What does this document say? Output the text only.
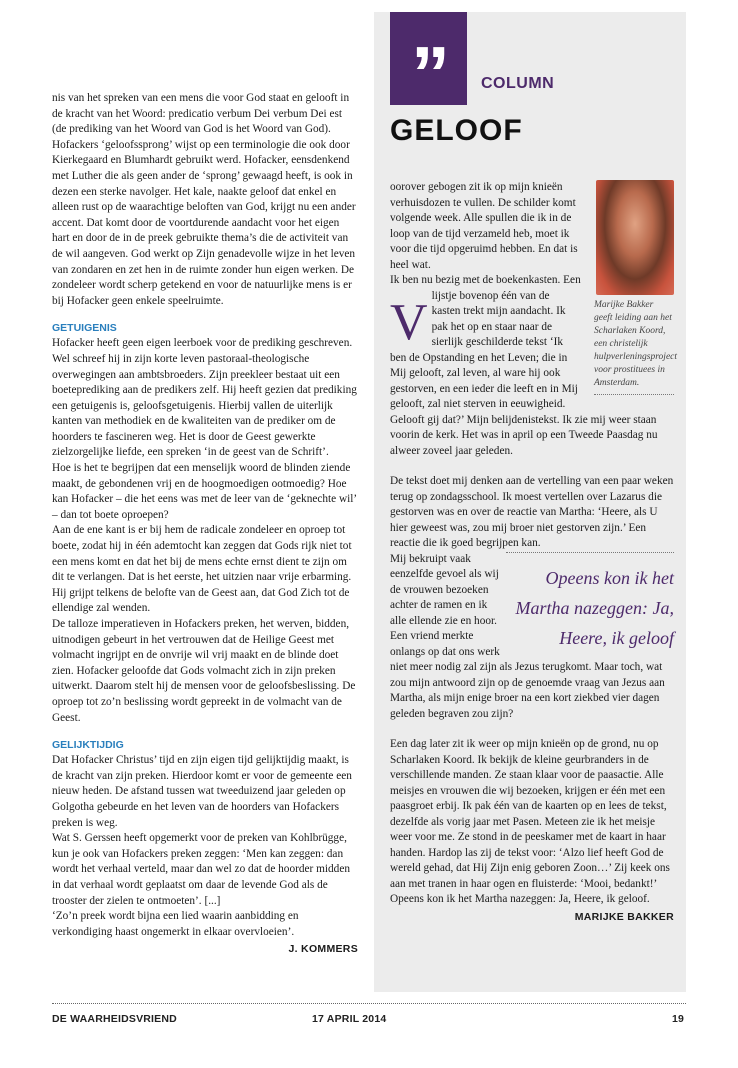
nis van het spreken van een mens die voor God staat en gelooft in de kracht van het Woord: predicatio verbum Dei verbum Dei est (de prediking van het Woord van God is het Woord van God).

Hofackers ‘geloofssprong’ wijst op een terminologie die ook door Kierkegaard en Blumhardt gebruikt werd. Hofacker, eensdenkend met Luther die als geen ander de ‘sprong’ gewaagd heeft, is ook in dezen een sterke navolger. Het kale, naakte geloof dat enkel en alleen rust op de waarachtige beloften van God, krijgt nu een ander accent. Dat komt door de voortdurende aandacht voor het eigen hart en door de in de preek gebruikte thema’s die de activiteit van de wil aangeven. God werkt op Zijn genadevolle wijze in het leven van zondaren en zet hen in de ruimte zonder hun eigen werken. De zondeleer wordt scherp getekend en voor de natuurlijke mens is er bij Hofacker geen enkele speelruimte.

GETUIGENIS

Hofacker heeft geen eigen leerboek voor de prediking geschreven. Wel schreef hij in zijn korte leven pastoraal-theologische overwegingen aan ambtsbroeders. Zijn preekleer bestaat uit een boeteprediking aan de predikers zelf. Hij heeft gezien dat prediking een getuigenis is, geloofsgetuigenis. Hierbij vallen de uiterlijk kanten van methodiek en de kwaliteiten van de prediker om de hoorders te fascineren weg. Het is door de Geest gewerkte zielzorgelijke liefde, een spreken ‘in de geest van de Schrift’.

Hoe is het te begrijpen dat een menselijk woord de blinden ziende maakt, de gebondenen vrij en de hoogmoedigen ootmoedig? Hoe kan Hofacker – die het eens was met de leer van de ‘geknechte wil’ – dan tot boete oproepen?

Aan de ene kant is er bij hem de radicale zondeleer en oproep tot boete, zodat hij in één ademtocht kan zeggen dat Gods rijk niet tot een mens komt en dat het bij de mens echte ernst dient te zijn om dit te verlangen. Dat is het eerste, het uitzien naar vrije erbarming. Hij grijpt telkens de belofte van de Geest aan, dat God Zich tot de ellendige zal wenden.

De talloze imperatieven in Hofackers preken, het werven, bidden, uitnodigen gebeurt in het vertrouwen dat de Heilige Geest met volmacht ingrijpt en de onvrije wil vrij maakt en de blinde doet zien. Hofacker geloofde dat Gods volmacht zich in zijn preken uitwerkt. Daarom stelt hij de mensen voor de geloofsbeslissing. De oproep tot zo’n beslissing wordt gepreekt in de volmacht van de Geest.

GELIJKTIJDIG

Dat Hofacker Christus’ tijd en zijn eigen tijd gelijktijdig maakt, is de kracht van zijn preken. Hierdoor komt er voor de gemeente een nieuw heden. De afstand tussen wat tweeduizend jaar geleden op Golgotha gebeurde en het leven van de hoorders van Hofackers preken is weg.

Wat S. Gerssen heeft opgemerkt voor de preken van Kohlbrügge, kun je ook van Hofackers preken zeggen: ‘Men kan zeggen: dan wordt het verhaal verteld, maar dan wel zo dat de hoorder midden in dat verhaal wordt geplaatst om daar de levende God als de trooster der zielen te ontmoeten’. [...]

‘Zo’n preek wordt bijna een lied waarin aanbidding en verkondiging haast ongemerkt in elkaar overvloeien’.

J. KOMMERS
”	COLUMN
GELOOF
Marijke Bakker geeft leiding aan het Scharlaken Koord, een christelijk hulpverleningsproject voor prostituees in Amsterdam.
V

oorover gebogen zit ik op mijn knieën verhuisdozen te vullen. De schilder komt volgende week. Alle spullen die ik in de loop van de tijd verzameld heb, moet ik voor die tijd opgeruimd hebben. En dat is heel wat.

Ik ben nu bezig met de boekenkasten. Een lijstje bovenop één van de kasten trekt mijn aandacht. Ik pak het op en staar naar de sierlijk geschilderde tekst ‘Ik ben de Opstanding en het Leven; die in Mij gelooft, zal leven, al ware hij ook gestorven, en een ieder die leeft en in Mij gelooft, zal niet sterven in eeuwigheid. Gelooft gij dat?’ Mijn belijdenistekst. Ik zie mij weer staan voorin de kerk. Het was in april op een Tweede Paasdag nu alweer zoveel jaar geleden.

De tekst doet mij denken aan de vertelling van een paar weken terug op zondagsschool. Ik moest vertellen over Lazarus die gestorven was en over de reactie van Martha: ‘Heere, als U hier geweest was, zou mij broer niet gestorven zijn.’ Een reactie die ik goed begrijpen kan.

Opeens kon ik het Martha nazeggen: Ja, Heere, ik geloof

Mij bekruipt vaak eenzelfde gevoel als wij de vrouwen bezoeken achter de ramen en ik alle ellende zie en hoor. Een vriend merkte onlangs op dat ons werk niet meer nodig zal zijn als Jezus terugkomt. Maar toch, wat zou mijn antwoord zijn op de genoemde vraag van Jezus aan Martha, als mijn enige broer na een kort ziekbed vier dagen geleden begraven zou zijn?

Een dag later zit ik weer op mijn knieën op de grond, nu op Scharlaken Koord. Ik bekijk de kleine geurbranders in de verschillende manden. Ze staan klaar voor de paasactie. Alle meisjes en vrouwen die wij bezoeken, krijgen er één met een paasgroet erbij. Ik pak één van de kaarten op en lees de tekst, dezelfde als vorig jaar met Pasen. Meteen zie ik het meisje weer voor me. Ze stond in de peeskamer met de kaart in haar handen. Hardop las zij de tekst voor: ‘Alzo lief heeft God de wereld gehad, dat Hij Zijn enig geboren Zoon…’ Zij keek ons aan met tranen in haar ogen en fluisterde: ‘Mooi, bedankt!’ Opeens kon ik het Martha nazeggen: Ja, Heere, ik geloof.

MARIJKE BAKKER
DE WAARHEIDSVRIEND	17 APRIL 2014	19
